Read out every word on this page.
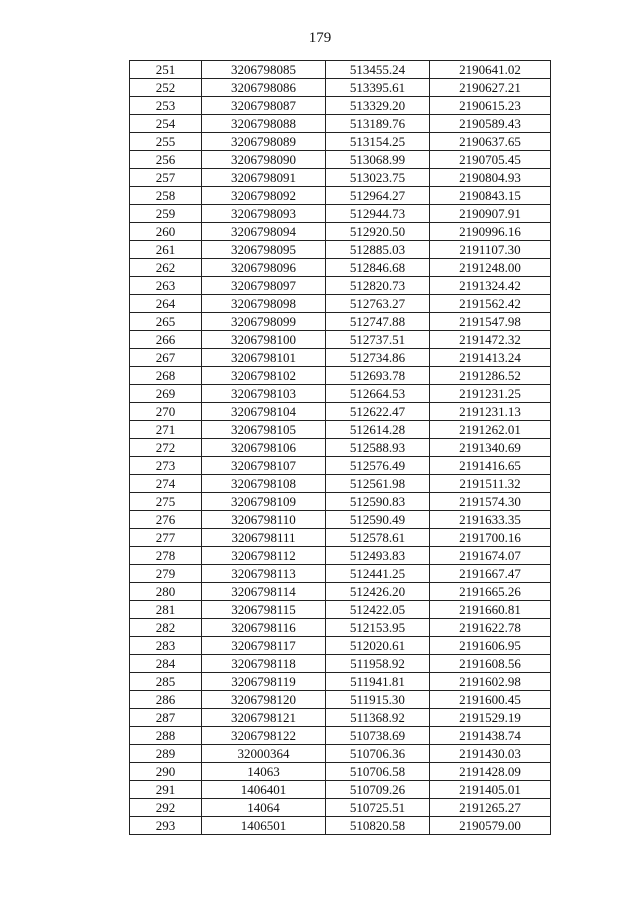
179
251	3206798085	513455.24	2190641.02
252	3206798086	513395.61	2190627.21
253	3206798087	513329.20	2190615.23
254	3206798088	513189.76	2190589.43
255	3206798089	513154.25	2190637.65
256	3206798090	513068.99	2190705.45
257	3206798091	513023.75	2190804.93
258	3206798092	512964.27	2190843.15
259	3206798093	512944.73	2190907.91
260	3206798094	512920.50	2190996.16
261	3206798095	512885.03	2191107.30
262	3206798096	512846.68	2191248.00
263	3206798097	512820.73	2191324.42
264	3206798098	512763.27	2191562.42
265	3206798099	512747.88	2191547.98
266	3206798100	512737.51	2191472.32
267	3206798101	512734.86	2191413.24
268	3206798102	512693.78	2191286.52
269	3206798103	512664.53	2191231.25
270	3206798104	512622.47	2191231.13
271	3206798105	512614.28	2191262.01
272	3206798106	512588.93	2191340.69
273	3206798107	512576.49	2191416.65
274	3206798108	512561.98	2191511.32
275	3206798109	512590.83	2191574.30
276	3206798110	512590.49	2191633.35
277	3206798111	512578.61	2191700.16
278	3206798112	512493.83	2191674.07
279	3206798113	512441.25	2191667.47
280	3206798114	512426.20	2191665.26
281	3206798115	512422.05	2191660.81
282	3206798116	512153.95	2191622.78
283	3206798117	512020.61	2191606.95
284	3206798118	511958.92	2191608.56
285	3206798119	511941.81	2191602.98
286	3206798120	511915.30	2191600.45
287	3206798121	511368.92	2191529.19
288	3206798122	510738.69	2191438.74
289	32000364	510706.36	2191430.03
290	14063	510706.58	2191428.09
291	1406401	510709.26	2191405.01
292	14064	510725.51	2191265.27
293	1406501	510820.58	2190579.00
